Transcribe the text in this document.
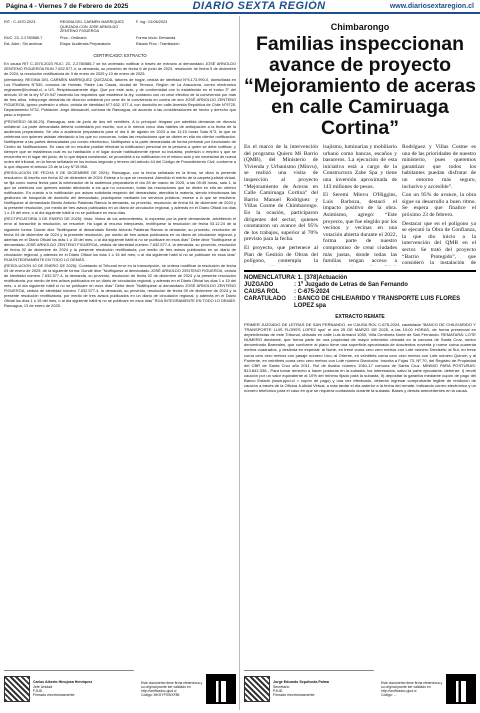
Página 4 - Viernes 7 de Febrero de 2025	DIARIO SEXTA REGIÓN	www.diariosextaregion.cl
RIT : C-1570-2023	REGINA DEL CARMEN MARRIQUEZ QUEZADA CON JOSE ARNOLDO ZENTENO FIGUEROA
F. ing.: 01/06/2023
RUC: 23- 2-2780585-7	Proc.: Ordinario	Forma inicio: Demanda
Est. Adm.: Sin archivar	Etapa: Audiencia Preparatoria	Estado Proc.: Tramitación
CERTIFICADO: EXTRACTO

En causa RIT C-1570-2023 RUC: 23- 2-2780585-7 se ha ordenado notificar a través de extracto al demandado JOSÉ ARNOLDO ZENTENO FIGUEROA RUN 7.632.577-4, la demanda, su proveído de fecha 6 de junio de 2023, resolución de fecha 9 de diciembre de 2024, la resolución rectificatoria de 3 de enero de 2025 y 10 de enero de 2025.

(demanda): REGINA DEL CARMEN MARRIQUEZ QUEZADA, labores de hogar, cédula de identidad N°6.173.990-0, domiciliada en Los Picaflores N°530, comuna de Huimán, Padre Las Casas, ciudad de Temuco, Región de La Araucanía, correo electrónico reginamm@hotmail.cl, a US. Respetuosamente digo: Que por este acto, y de conformidad con lo establecido en el inciso 3° del artículo 19 de la ley N°19.947 haciendo los requisitos que establece la ley, contando con un cese efectivo de la convivencia por más de tres años, interpongo demanda de divorcio unilateral por cese de la convivencia en contra de don JOSÉ ARNOLDO ZENTENO FIGUEROA, ignoro profesión u oficio, cédula de identidad N°7.632. 577-4, con domicilio en calle Avenida República de Chile N°9725, Departamento N°32, Población Jorge Alessandri, comuna de Rancagua, de acuerdo a las consideraciones de hecho y derecho que paso a exponer.

(PROVEÍDO 06.06.23): Rancagua, seis de junio de dos mil veintitrés. A lo principal: téngase por admitida demanda de divorcio unilateral. La parte demandada deberá contestarla por escrito, con a lo menos cinco días hábiles de anticipación a la fecha de la audiencia preparatoria. Se cita a audiencia preparatoria para el día 6 de agosto de 2023 a las 11:15 horas Sala N°3, la que se celebrará con quienes asistan afectando a los que no concurran, todas las resoluciones que se dicten en ella sin ulterior notificación. Notifíquese a las partes demandadas por correo electrónico. Notifíquese a la parte demandada de forma personal por funcionario de Centro de Notificaciones. En caso de no resultar posible efectuar la notificación personal de la persona a quien se debe notificar, y siempre que se establezca cual es su habitación o el lugar donde habitualmente ejerce su industria, profesión o empleo y que se encuentra en el lugar del juicio, de lo que dejará constancia, se procederá a su notificación en el mismo acto y sin necesidad de nueva orden del tribunal, en la forma señalada en los incisos segundo y tercero del artículo 44 del Código de Procedimiento Civil, conforme a lo que dispone el artículo 23 de la Ley N°19.968.

(RESOLUCION DE FECHA 9 DE DICIEMBRE DE 2024): Rancagua, con la fecha señalada en la firma, se dicta la presente resolución: Al escrito con fecha 02 de diciembre de 2024: Estese a lo que se resolverá. Atendido el mérito de la carpeta judicial virtual, se fija como nueva fecha para la celebración de la audiencia preparatoria el día 28 de marzo de 2025, a las 09:45 horas, sala 1, la que se celebrará con quienes asistan afectando a los que no concurran, todas las resoluciones que se dicten en ella sin ulterior notificación. En cuanto a la notificación por avisos solicitada respecto del demandado; atendida la materia, siendo infructuosas las gestiones de búsqueda de domicilio del demandado, practíquese mediante los servicios públicos; estese a lo que se resolverá. Notifíquese al demandado Benito Antonio Palabras Ramos la demanda, su proveído, resolución de fecha 04 de diciembre de 2024 y la presente resolución, por medio de tres avisos publicados en un diario de circulación regional, y además en el Diario Oficial los días 1 o 15 del mes, o al día siguiente hábil si no se publicare en esos días.

(RECTIFICATORIA 3 DE ENERO DE 2025): Visto: Vistos de los antecedentes, lo expuesto por la parte demandante, advirtiendo el error al transcribir la resolución, se resuelve: Ha lugar al recurso interpuesto, rectifíquese la resolución de fecha 03.12.24 de la siguiente forma: Donde dice "Notifíquese al demandado Benito Antonio Palabras Ramos la demanda, su proveído, resolución de fecha 04 de diciembre de 2024 y la presente resolución, por medio de tres avisos publicados en un diario de circulación regional, y además en el Diario Oficial los días 1 o 15 del mes, o al día siguiente hábil si no se publicare en esos días" Debe decir "Notifíquese al demandado JOSÉ ARNOLDO ZENTENO FIGUEROA, cédula de identidad número 7.632.577-4, la demanda, su proveído, resolución de fecha 02 de diciembre de 2024 y la presente resolución rectificatoria, por medio de tres avisos publicados en un diario de circulación regional, y además en el Diario Oficial los días 1 o 15 del mes, o al día siguiente hábil si no se publicare en esos días" RIJA ÍNTEGRAMENTE EN TODO LO DEMÁS.

(RESOLUCION 10 DE ENERO DE 2025): Constando al Tribunal error en la transcripción, se ordena modificar la resolución de fecha 03 de enero de 2025, de la siguiente forma: Donde dice "Notifíquese al demandado JOSÉ ARNOLDO ZENTENO FIGUEROA, cédula de identidad número 7.632.577-4, la demanda, su proveído, resolución de fecha 02 de diciembre de 2024 y la presente resolución rectificatoria, por medio de tres avisos publicados en un diario de circulación regional, y además en el Diario Oficial los días 1 o 15 del mes, o al día siguiente hábil si no se publicare en esos días" Debe decir "Notifíquese al demandado JOSÉ ARNOLDO ZENTENO FIGUEROA, cédula de identidad número 7.632.577-4, la demanda, su proveído, resolución de fecha 09 de diciembre de 2024 y la presente resolución rectificatoria, por medio de tres avisos publicados en un diario de circulación regional, y además en el Diario Oficial los días 1 o 15 del mes, o al día siguiente hábil si no se publicare en esos días" RIJA ÍNTEGRAMENTE EN TODO LO DEMÁS. Rancagua, 13 de enero de 2025.

Carlos Alberto Hinojosa Henríquez
Jefe Unidad
FJUD
Firmado electrónicamente
Este documento tiene firma electrónica y su original puede ser validado en http://verificadoc.pjud.cl
Código: MKGYPXWXF85
Chimbarongo
Familias inspeccionan avance de proyecto “Mejoramiento de aceras en calle Camiruaga Cortina”

En el marco de la intervención del programa Quiero Mi Barrio (QMB), del Ministerio de Vivienda y Urbanismo (Minvu), se realizó una visita de inspección al proyecto “Mejoramiento de Aceras en Calle Camiruaga Cortina” del Barrio Manuel Rodríguez y Villas Cosme de Chimbarongo. En la ocasión, participaron dirigentes del sector, quienes constataron un avance del 95% de los trabajos, superior al 70% previsto para la fecha.

El proyecto, que pertenece al Plan de Gestión de Obras del polígono, contempla la

isajismo, luminarias y mobiliario urbano como bancas, escaños y basureros. La ejecución de esta iniciativa está a cargo de la Constructora Zabe Spa y tiene una inversión aproximada de 143 millones de pesos.

El Seremi Minvu O'Higgins, Luis Barboza, destacó el impacto positivo de la obra. Asimismo, agregó: “Este proyecto, que fue elegido por los vecinos y vecinas en una votación abierta durante el 2022, forma parte de nuestro compromiso de crear ciudades más justas, donde todas las familias tengan acceso a

Rodríguez y Villas Cosme es una de las prioridades de nuestro ministerio, pues queremos garantizar que todos los habitantes puedan disfrutar de un entorno más seguro, inclusivo y accesible”.

Con un 95% de avance, la obra sigue su desarrollo a buen ritmo. Se espera que finalice el próximo 23 de febrero.

Destacar que en el polígono ya se ejecutó la Obra de Confianza, la que dio inicio a la intervención del QMB en el sector. Se trató del proyecto “Barrio Protegido”, que consideró la instalación de

NOMENCLATURA : 1. [378]Actuación
JUZGADO	: 1º Juzgado de Letras de San Fernando
CAUSA ROL	: C-675-2024
CARATULADO	: BANCO DE CHILE/ARIDO Y TRANSPORTE LUIS FLORES LOPEZ spa
EXTRACTO REMATE
PRIMER JUZGADO DE LETRAS DE SAN FERNANDO, en CAUSA ROL C-675-2024, caratulada "BANCO DE CHILE/ARIDO Y TRANSPORTE LUIS FLORES LOPEZ spa" el día 25 DE MARZO DE 2025, a las 10:00 HORAS, de forma presencial en dependencias de este Tribunal, ubicado en calle Luis Armand 1050, Villa Centinela Norte de San Fernando. REMATARÁ: LOTE NÚMERO diecisiete, que forma parte de una propiedad de mayor extensión ubicada en la comuna de Santa Cruz, sector denominado Barreales, que conforme al plano tiene una superficie aproximada de doscientos noventa y nueve coma cuarenta metros cuadrados, y deslinda en especial: al Norte, en trece coma cero cero metros con Lote número Dieciséis; al Sur, en trece coma cero cero metros con pasaje número Uno; al Oriente, en veintitrés coma cero cero metros con Lote número Quince; y al Poniente, en veintitrés coma cero cero metros con Lote número Dieciocho. Inscrita a Fojas 73, Nº 70, del Registro de Propiedad del CBR de Santa Cruz año 2011. Rol de Avalúo número 1061-17 comuna de Santa Cruz. MÍNIMO PARA POSTURAS: $13.842.338.- Para tomar derecho a hacer posturas en la subasta, los interesados, salvo la parte ejecutante, deberán: I) rendir caución por un valor equivalente al 10% del mínimo fijado para la subasta, II) depositar la garantía mediante cupón de pago del Banco Estado (www.pjud.cl > cupón de pago) y una vez efectuado, deberán ingresar comprobante legible de rendición de caución a través de la Oficina Judicial Virtual, a más tardar el día anterior a la fecha del remate, indicando correo electrónico y un número telefónico para el caso en que se requiera contactarlo durante la subasta. Bases y demás antecedentes en la causa.
Jorge Eduardo Sepúlveda Palma
Secretario
PJUD
Firmado electrónicamente
Este documento tiene firma electrónica y su original puede ser validado en http://verificadoc.pjud.cl
Código: ...
